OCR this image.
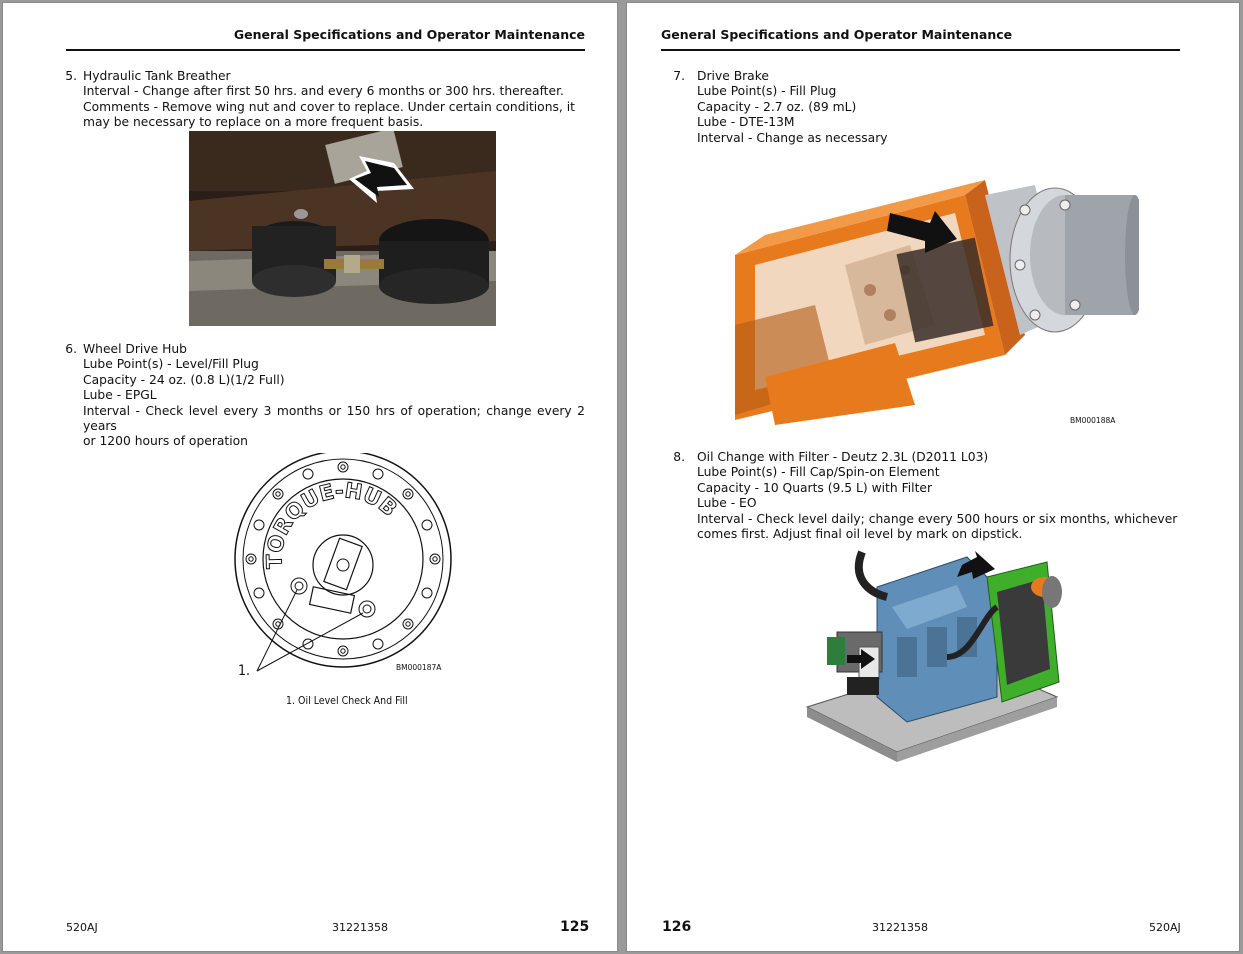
General Specifications and Operator Maintenance
5. Hydraulic Tank Breather
Interval - Change after first 50 hrs. and every 6 months or 300 hrs. thereafter.
Comments - Remove wing nut and cover to replace. Under certain conditions, it
may be necessary to replace on a more frequent basis.
6. Wheel Drive Hub
Lube Point(s) - Level/Fill Plug
Capacity - 24 oz. (0.8 L)(1/2 Full)
Lube - EPGL
Interval - Check level every 3 months or 150 hrs of operation; change every 2 years
or 1200 hours of operation
TORQUE-HUB
1.	BM000187A
1. Oil Level Check And Fill
520AJ	31221358	125
General Specifications and Operator Maintenance
7. Drive Brake
Lube Point(s) - Fill Plug
Capacity - 2.7 oz. (89 mL)
Lube - DTE-13M
Interval - Change as necessary
BM000188A
8. Oil Change with Filter - Deutz 2.3L (D2011 L03)
Lube Point(s) - Fill Cap/Spin-on Element
Capacity - 10 Quarts (9.5 L) with Filter
Lube - EO
Interval - Check level daily; change every 500 hours or six months, whichever
comes first. Adjust final oil level by mark on dipstick.
126	31221358	520AJ
